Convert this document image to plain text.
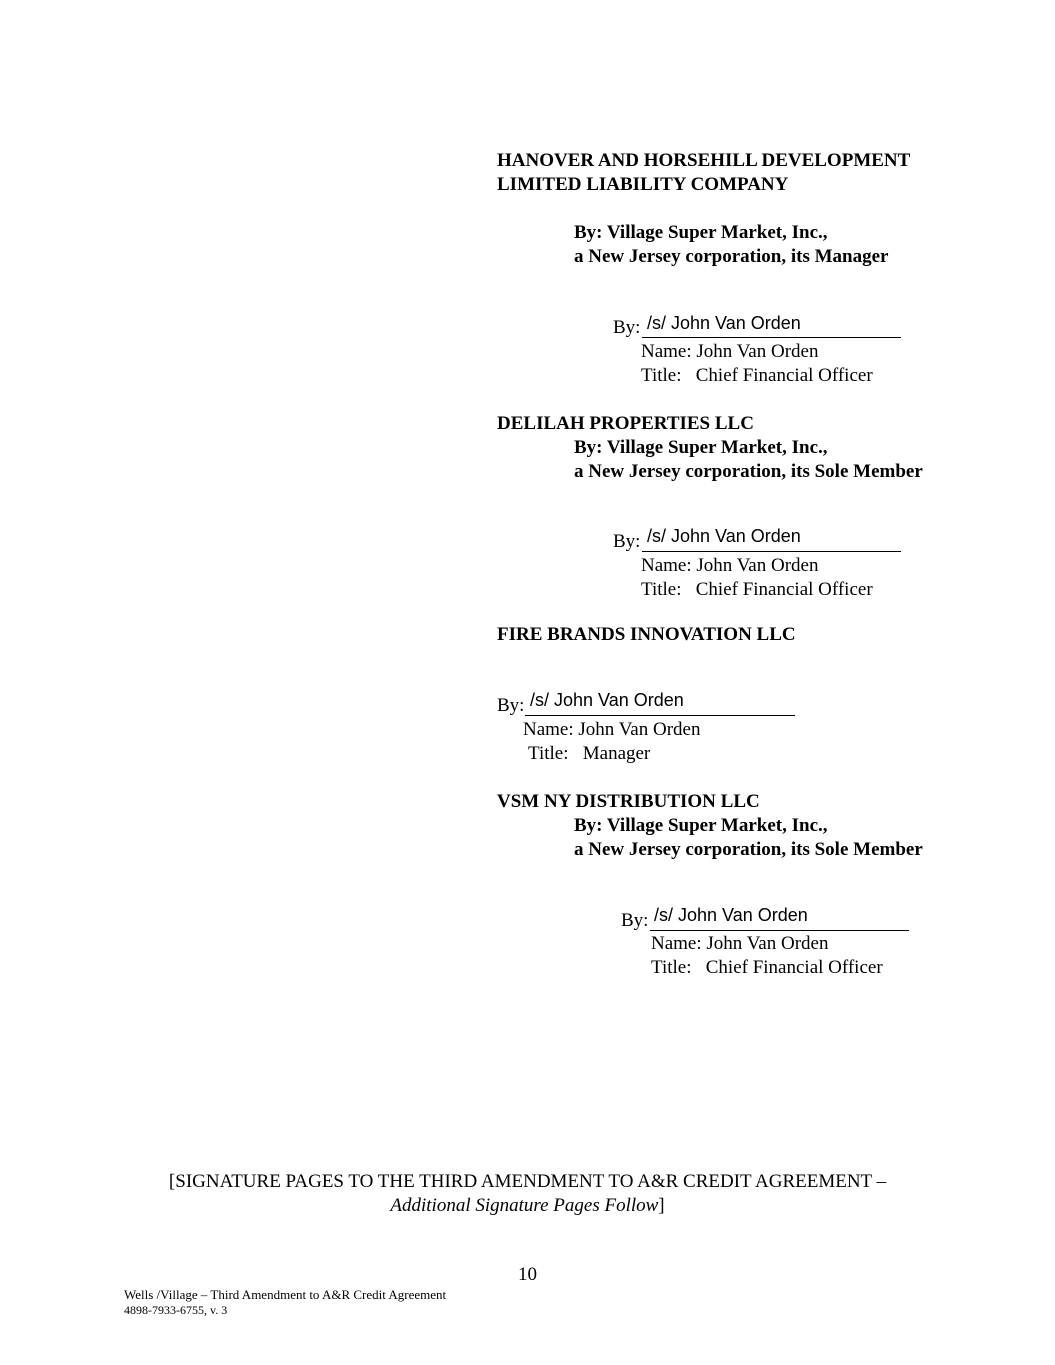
HANOVER AND HORSEHILL DEVELOPMENT
LIMITED LIABILITY COMPANY
By: Village Super Market, Inc.,
a New Jersey corporation, its Manager
By: /s/ John Van Orden
Name: John Van Orden
Title:   Chief Financial Officer
DELILAH PROPERTIES LLC
By: Village Super Market, Inc.,
a New Jersey corporation, its Sole Member
By: /s/ John Van Orden
Name: John Van Orden
Title:   Chief Financial Officer
FIRE BRANDS INNOVATION LLC
By: /s/ John Van Orden
Name: John Van Orden
Title:   Manager
VSM NY DISTRIBUTION LLC
By: Village Super Market, Inc.,
a New Jersey corporation, its Sole Member
By: /s/ John Van Orden
Name: John Van Orden
Title:   Chief Financial Officer
[SIGNATURE PAGES TO THE THIRD AMENDMENT TO A&R CREDIT AGREEMENT –
Additional Signature Pages Follow]
10
Wells /Village – Third Amendment to A&R Credit Agreement
4898-7933-6755, v. 3
